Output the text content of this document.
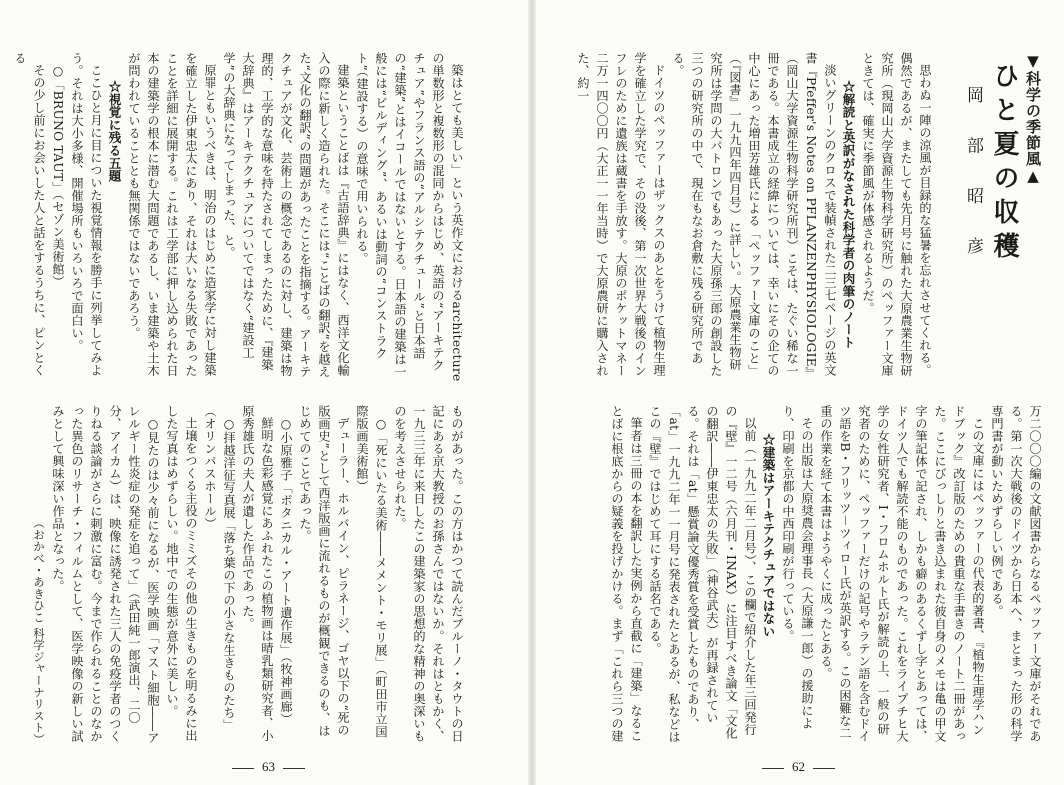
築はとても美しい」という英作文におけるarchitectureの単数形と複数形の混同からはじめ、英語の“アーキテクチュア”やフランス語の“アルシテクチュール”と日本語の“建築”とはイコールではないとする。日本語の建築は一般には“ビルディング”、あるいは動詞の“コンストラクト”（建設する）の意味で用いられる。

建築ということばは『古語辞典』にはなく、西洋文化輸入の際に新しく造られた。そこには“ことばの翻訳”を越えた“文化の翻訳”の問題があったことを指摘する。アーキテクチュアが文化、芸術上の概念であるのに対し、建築は物理的、工学的な意味を持たされてしまったために、『建築大辞典』はアーキテクチュアについてではなく“建設工学”の大辞典になってしまった、と。

原罪ともいうべきは、明治のはじめに造家学に対し建築を確立した伊東忠太にあり、それは大いなる失敗であったことを詳細に展開する。これは工学部に押し込められた日本の建築学の根本に潜む大問題であるし、いま建築や土木が問われていることとも無関係ではないであろう。

☆視覚に残る五題

ここひと月に目についた視覚情報を勝手に列挙してみよう。それは大小多様、開催場所もいろいろで面白い。

○「BRUNO TAUT」（セゾン美術館）

その少し前にお会いした人と話をするうちに、ピンとくる

ものがあった。この方はかつて読んだブルーノ・タウトの日記にある京大教授のお孫さんではないか。それはともかく、一九三三年に来日したこの建築家の思想的な精神の奥深いものを考えさせられた。

○「死にいたる美術――メメント・モリ展」（町田市立国際版画美術館）

デューラー、ホルバイン、ピラネージ、ゴヤ以下の“死の版画史”として西洋版画に流れるものが概観できるのも、はじめてのことであった。

○小原雅子「ボタニカル・アート遺作展」（牧神画廊）

鮮明な色彩感覚にあふれたこの植物画は晴乳類研究者、小原秀雄氏の夫人が遺した作品であった。

○拝越洋征写真展「落ち葉の下の小さな生きものたち」（オリンパスホール）

土壌をつくる主役のミミズその他の生きものを明るみに出した写真はめずらしい。地中での生態が意外に美しい。

○見たのは少々前になるが、医学映画「マスト細胞――アレルギー性炎症の発症を追って」（武田純一郎演出、二〇分、アイカム）は、映像に誘発された三人の免疫学者のつくりねる談論がさらに刺激に富む。今まで作られることのなかった異色のリサーチ・フィルムとして、医学映像の新しい試みとして興味深い作品となった。

（おかべ・あきひこ 科学ジャーナリスト）

63
▼科学の季節風▲
ひと夏の収穫
岡 部 昭 彦

思わぬ一陣の涼風が目録的な猛暑を忘れさせてくれる。偶然であるが、またしても先月号に触れた大原農業生物研究所（現岡山大学資源生物科学研究所）のペッファー文庫ときては、確実に季節風が体感されるようだ。

☆解読と英訳がなされた科学者の肉筆のノート

淡いグリーンのクロスで装幀された二三七ページの英文書『Pfeffer's Notes on PFLANZENPHYSIOLOGIE』（岡山大学資源生物科学研究所刊）こそは、たぐい稀な一冊である。本書成立の経緯については、幸いにその企ての中心にあった増田芳雄氏による「ペッファー文庫のこと」（『図書』一九九四年四月号）に詳しい。大原農業生物研究所は学問の大パトロンでもあった大原孫三郎の創設した三つの研究所の中で、現在もなお倉敷に残る研究所である。

ドイツのペッファーはザックスのあとをうけて植物生理学を確立した学究で、その没後、第一次世界大戦後のインフレのために遺族は蔵書を手放す。大原のポケットマネー二万一四〇〇円（大正一一年当時）で大原農研に購入された、約一

万二〇〇〇編の文献図書からなるペッファー文庫がそれである。第一次大戦後のドイツから日本へ、まとまった形の科学専門書が動いためずらしい例である。

この文庫にはペッファーの代表的著書、『植物生理学ハンドブック』改訂版のための貴重な手書きのノート二冊があった。ここにびっしりと書き込まれた彼自身のメモは亀の甲文字の筆記体で記され、しかも癖のあるくずし字とあっては、ドイツ人でも解読不能のものであった。これをライプチヒ大学の女性研究者、I・フロムホルト氏が解読の上、一般の研究者のために、ペッファーだけの記号やラテン語を含むドイツ語をB・フリッツ－ツィロー氏が英訳する。この困難な二重の作業を経て本書はようやくに成ったとある。

その出版は大原奨農会理事長（大原謙一郎）の援助により、印刷を京都の中西印刷が行っている。

☆建築はアーキテクチュアではない

以前（一九九二年二月号）、この欄で紹介した年三回発行の『壁』一二号（六月刊・INAX）に注目すべき論文「文化の翻訳――伊東忠太の失敗」（神谷武夫）が再録されている。それは「at」懸賞論文優秀賞を受賞したものであり、「at」一九九二年一一月号に発表されたとあるが、私などはこの『壁』ではじめて耳にする話名である。

筆者は三冊の本を翻訳した実例から直截に「建築」なることばに根底からの疑義を投げかける。まず「これら三つの建

62
